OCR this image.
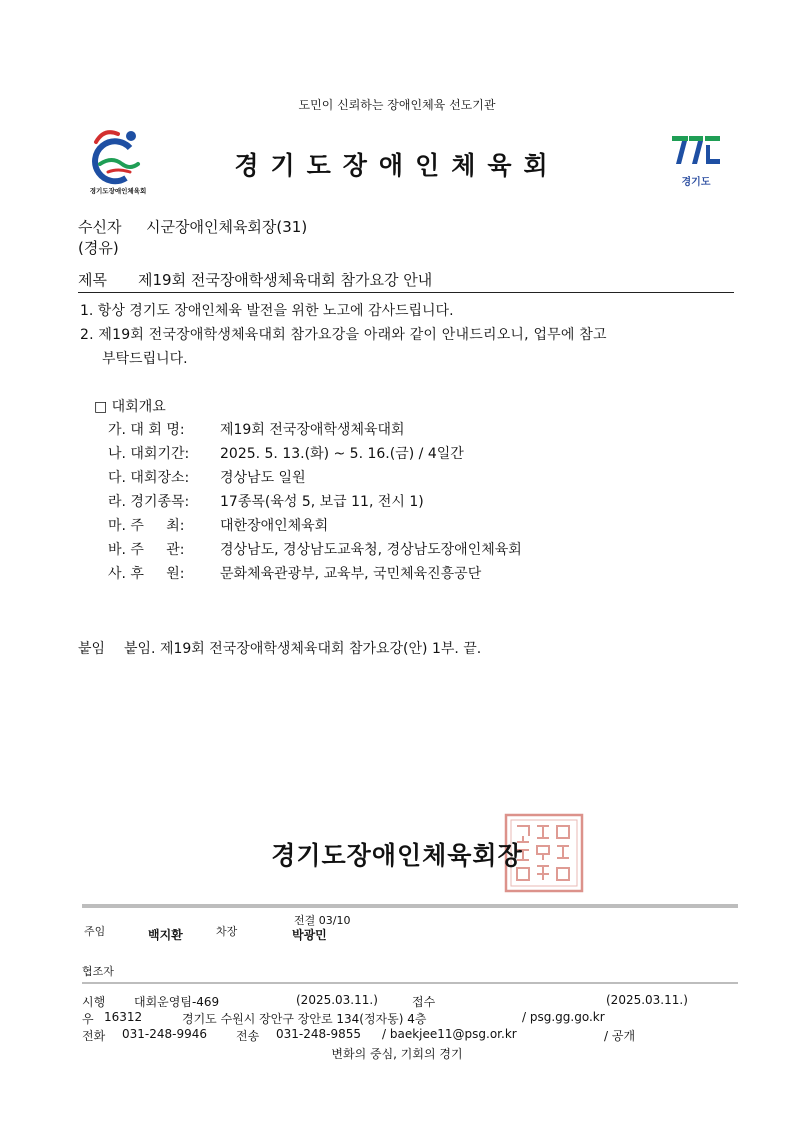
도민이 신뢰하는 장애인체육 선도기관
경기도장애인체육회
경기도장애인체육회
경기도
수신자 시군장애인체육회장(31)
(경유)
제목 제19회 전국장애학생체육대회 참가요강 안내
1. 항상 경기도 장애인체육 발전을 위한 노고에 감사드립니다.
2. 제19회 전국장애학생체육대회 참가요강을 아래와 같이 안내드리오니, 업무에 참고
부탁드립니다.
□ 대회개요
가. 대 회 명:	제19회 전국장애학생체육대회
나. 대회기간: 2025. 5. 13.(화) ~ 5. 16.(금) / 4일간
다. 대회장소: 경상남도 일원
라. 경기종목: 17종목(육성 5, 보급 11, 전시 1)
마. 주     최:	대한장애인체육회
바. 주     관:	경상남도, 경상남도교육청, 경상남도장애인체육회
사. 후     원:	문화체육관광부, 교육부, 국민체육진흥공단
붙임 붙임. 제19회 전국장애학생체육대회 참가요강(안) 1부. 끝.
경기도장애인체육회장
전결 03/10
주임	백지환	차장	박광민
협조자
시행 대회운영팀-469	(2025.03.11.)	접수	(2025.03.11.)
우 16312	경기도 수원시 장안구 장안로 134(정자동) 4층	/ psg.gg.go.kr
전화 031-248-9946 전송 031-248-9855 / baekjee11@psg.or.kr	/ 공개
변화의 중심, 기회의 경기
